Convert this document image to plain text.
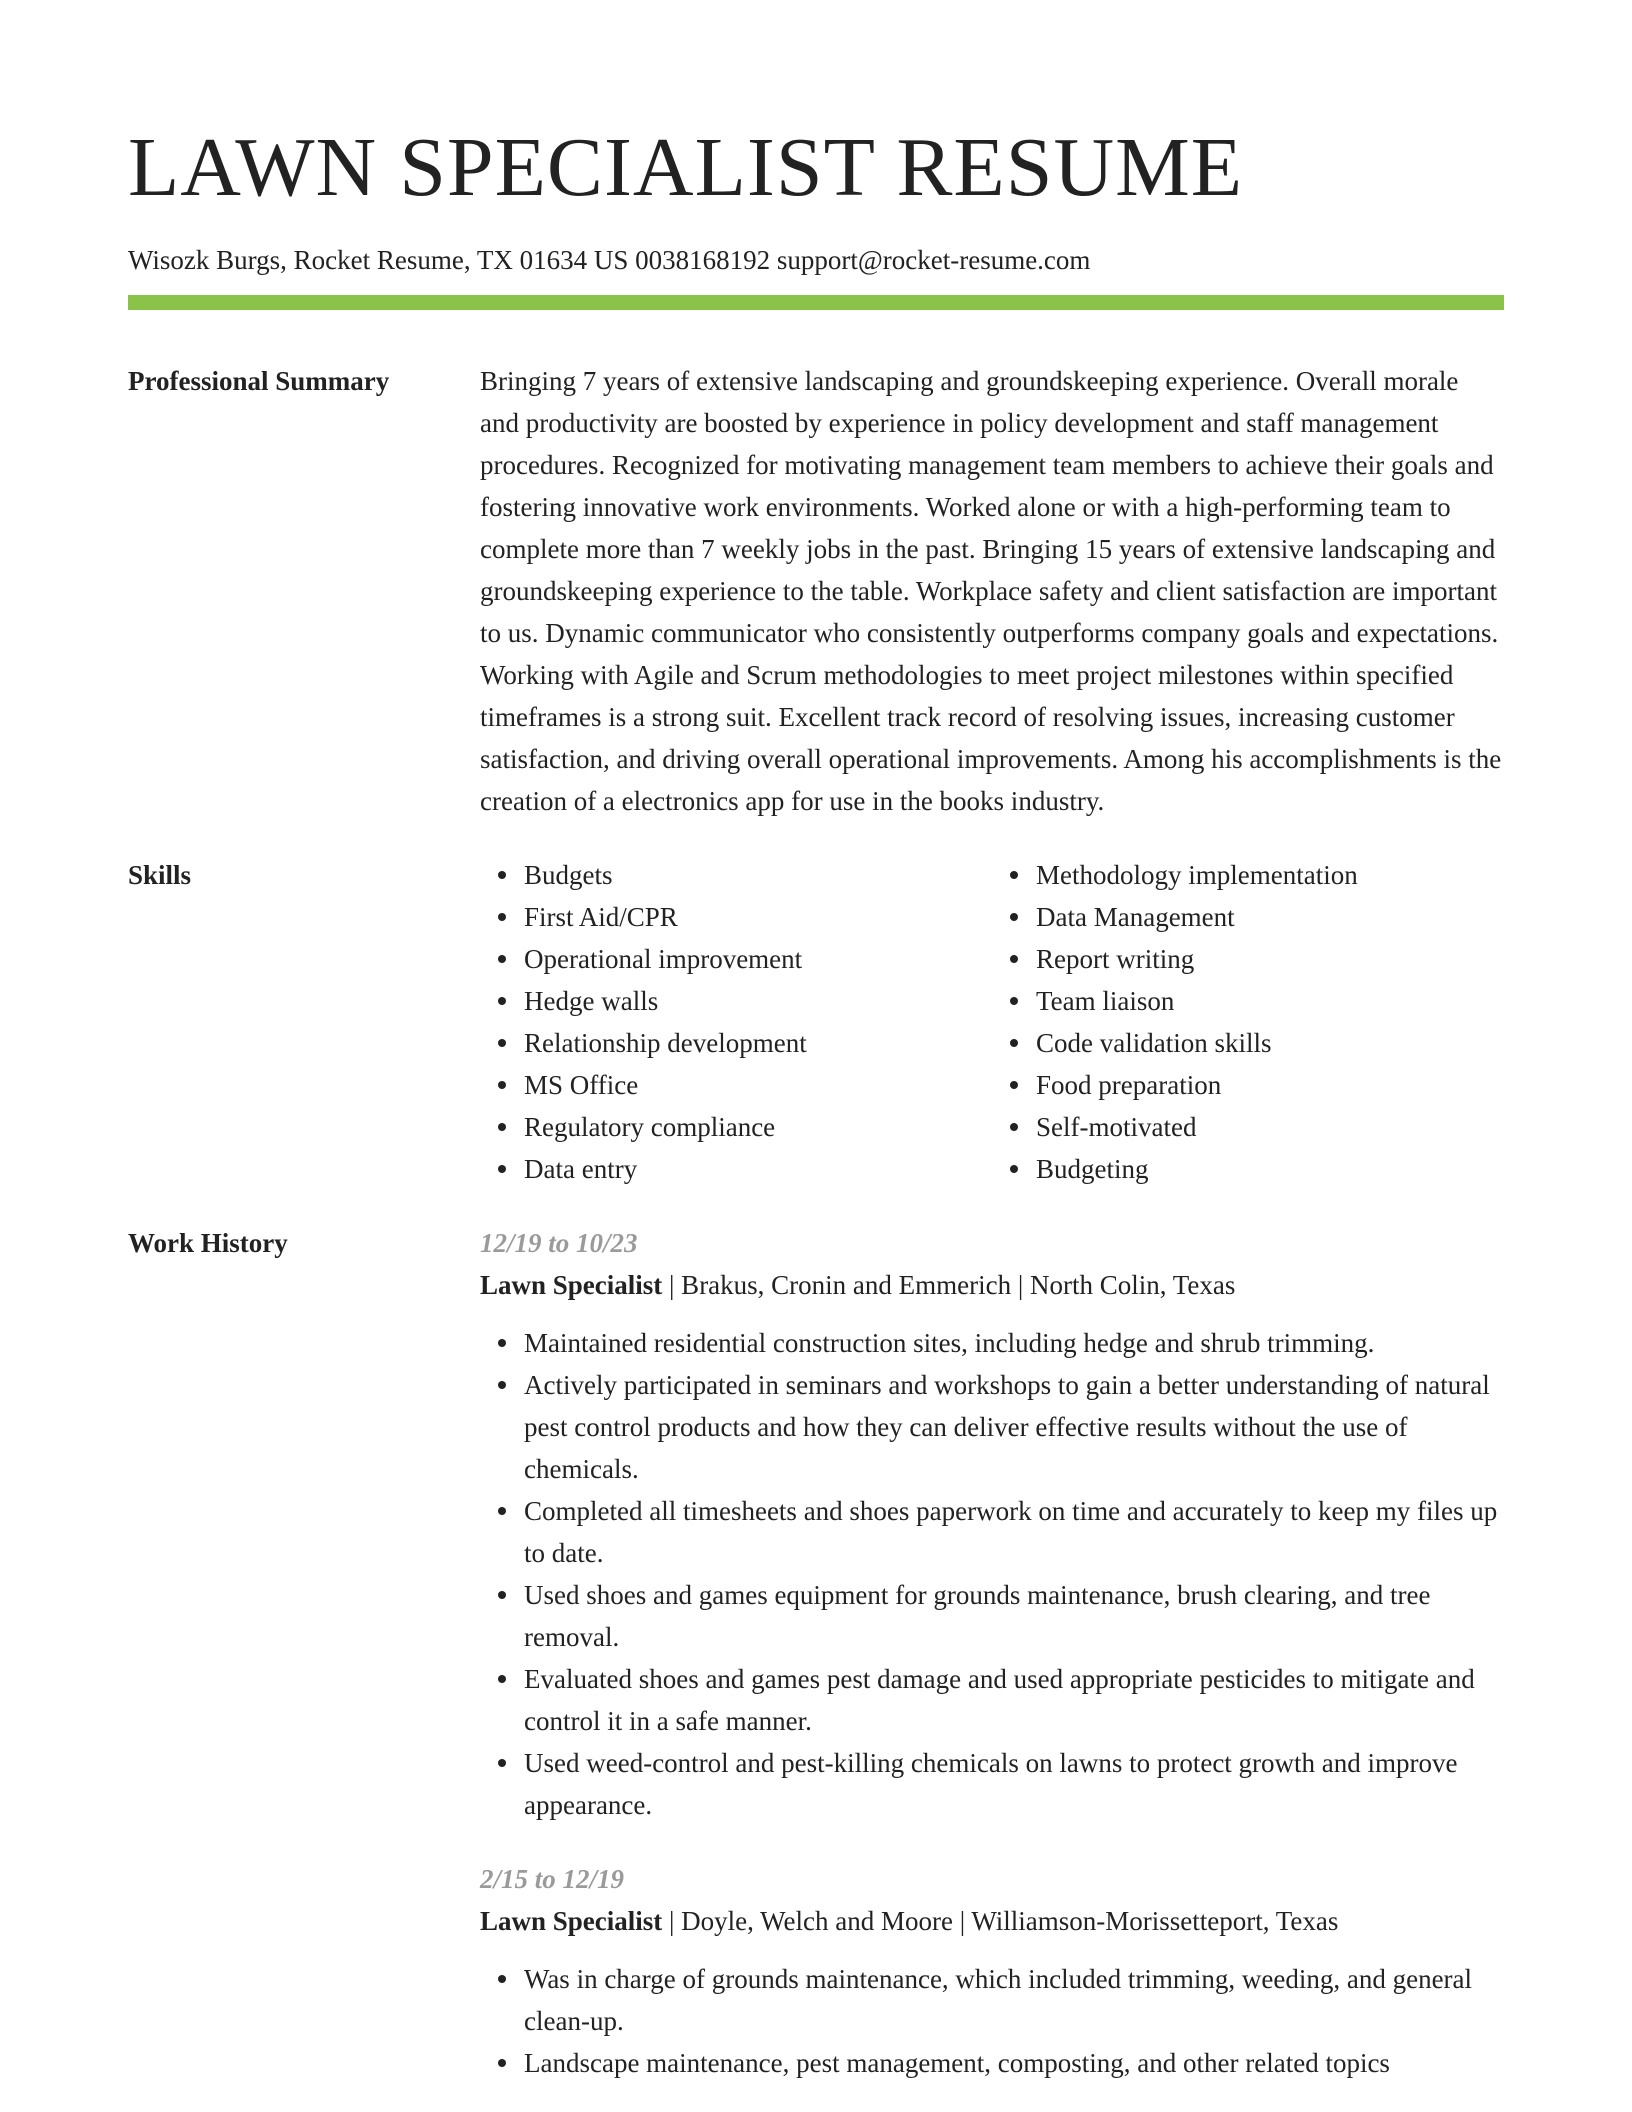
LAWN SPECIALIST RESUME
Wisozk Burgs, Rocket Resume, TX 01634 US 0038168192 support@rocket-resume.com
Professional Summary	Bringing 7 years of extensive landscaping and groundskeeping experience. Overall morale and productivity are boosted by experience in policy development and staff management procedures. Recognized for motivating management team members to achieve their goals and fostering innovative work environments. Worked alone or with a high-performing team to complete more than 7 weekly jobs in the past. Bringing 15 years of extensive landscaping and groundskeeping experience to the table. Workplace safety and client satisfaction are important to us. Dynamic communicator who consistently outperforms company goals and expectations. Working with Agile and Scrum methodologies to meet project milestones within specified timeframes is a strong suit. Excellent track record of resolving issues, increasing customer satisfaction, and driving overall operational improvements. Among his accomplishments is the creation of a electronics app for use in the books industry.
Skills	Budgets
First Aid/CPR
Operational improvement
Hedge walls
Relationship development
MS Office
Regulatory compliance
Data entry
Methodology implementation
Data Management
Report writing
Team liaison
Code validation skills
Food preparation
Self-motivated
Budgeting
Work History	12/19 to 10/23
Lawn Specialist | Brakus, Cronin and Emmerich | North Colin, Texas
Maintained residential construction sites, including hedge and shrub trimming.
Actively participated in seminars and workshops to gain a better understanding of natural pest control products and how they can deliver effective results without the use of chemicals.
Completed all timesheets and shoes paperwork on time and accurately to keep my files up to date.
Used shoes and games equipment for grounds maintenance, brush clearing, and tree removal.
Evaluated shoes and games pest damage and used appropriate pesticides to mitigate and control it in a safe manner.
Used weed-control and pest-killing chemicals on lawns to protect growth and improve appearance.
2/15 to 12/19
Lawn Specialist | Doyle, Welch and Moore | Williamson-Morissetteport, Texas
Was in charge of grounds maintenance, which included trimming, weeding, and general clean-up.
Landscape maintenance, pest management, composting, and other related topics
